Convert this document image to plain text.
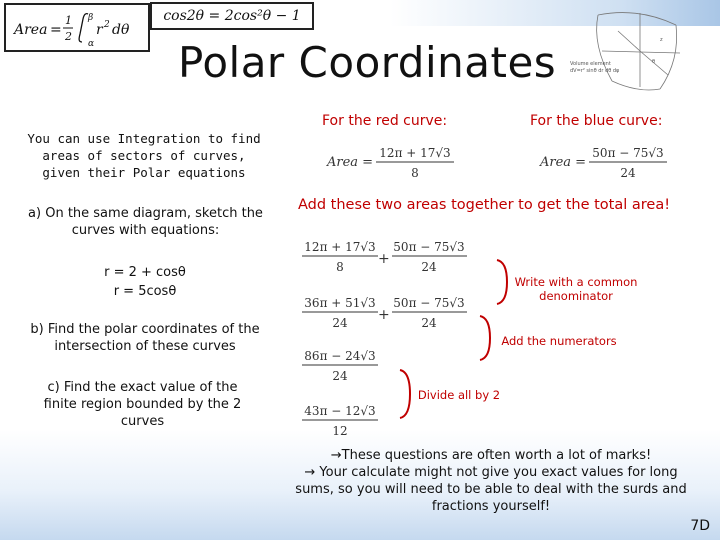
Area =
1
2
β
α
r 2 dθ
cos2θ = 2cos²θ − 1
Volume element
dV=r² sinθ dr dθ dφ
θ
z
Polar Coordinates
You can use Integration to find areas of sectors of curves, given their Polar equations
a) On the same diagram, sketch the curves with equations:
r = 2 + cosθ
r = 5cosθ
b) Find the polar coordinates of the intersection of these curves
c) Find the exact value of the finite region bounded by the 2 curves
For the red curve:	For the blue curve:
Area =
12π + 17√3
8
Area =
50π − 75√3
24
Add these two areas together to get the total area!
12π + 17√3
8 +
50π − 75√3
24
36π + 51√3
24 +
50π − 75√3
24
86π − 24√3
24
43π − 12√3
12
Write with a common denominator
Add the numerators
Divide all by 2
→These questions are often worth a lot of marks!
→ Your calculate might not give you exact values for long sums, so you will need to be able to deal with the surds and fractions yourself!
7D
